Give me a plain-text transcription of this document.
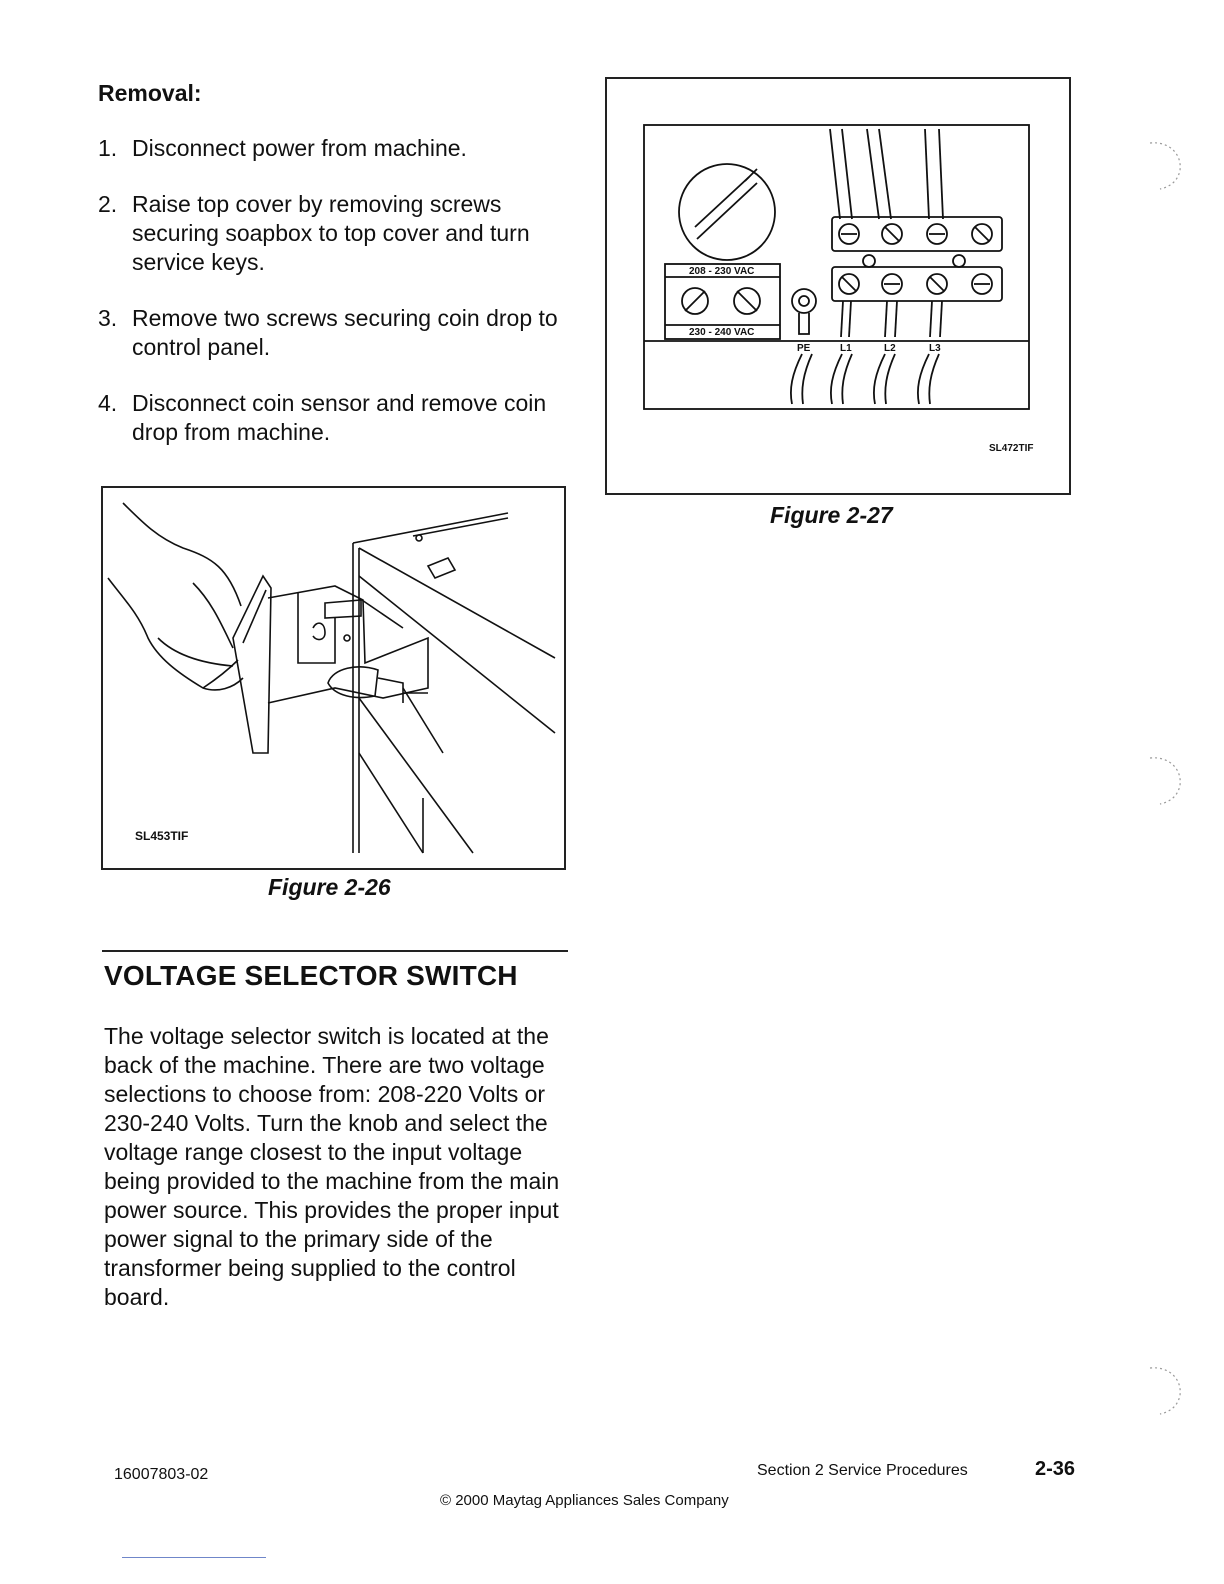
Removal:
1. Disconnect power from machine.
2. Raise top cover by removing screws securing soapbox to top cover and turn service keys.
3. Remove two screws securing coin drop to control panel.
4. Disconnect coin sensor and remove coin drop from machine.
SL453TIF
Figure 2-26
208 - 230 VAC
230 - 240 VAC
PE	L1	L2	L3
SL472TIF
Figure 2-27
VOLTAGE SELECTOR SWITCH

The voltage selector switch is located at the back of the machine. There are two voltage selections to choose from: 208-220 Volts or 230-240 Volts. Turn the knob and select the voltage range closest to the input voltage being provided to the machine from the main power source. This provides the proper input power signal to the primary side of the transformer being supplied to the control board.

16007803-02	Section 2 Service Procedures	2-36
© 2000 Maytag Appliances Sales Company
